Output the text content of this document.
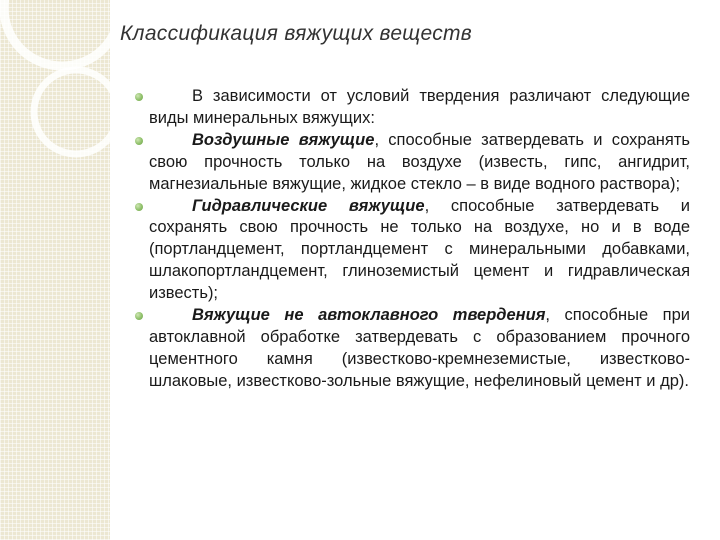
Классификация вяжущих веществ
В зависимости от условий твердения различают следующие виды минеральных вяжущих:
Воздушные вяжущие, способные затвердевать и сохранять свою прочность только на воздухе (известь, гипс, ангидрит, магнезиальные вяжущие, жидкое стекло – в виде водного раствора);
Гидравлические вяжущие, способные затвердевать и сохранять свою прочность не только на воздухе, но и в воде (портландцемент, портландцемент с минеральными добавками, шлакопортландцемент, глиноземистый цемент и гидравлическая известь);
Вяжущие не автоклавного твердения, способные при автоклавной обработке затвердевать с образованием прочного цементного камня (известково-кремнеземистые, известково-шлаковые, известково-зольные вяжущие, нефелиновый цемент и др).
